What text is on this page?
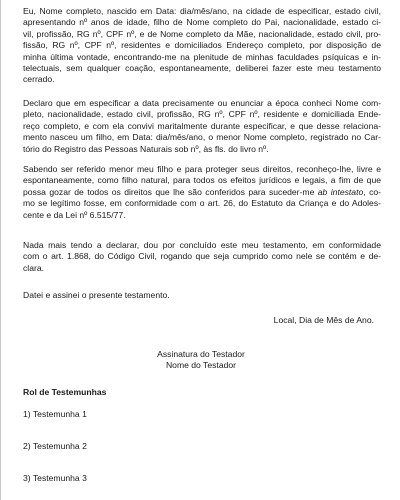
Eu, Nome completo, nascido em Data: dia/mês/ano, na cidade de especificar, estado civil,
apresentando nº anos de idade, filho de Nome completo do Pai, nacionalidade, estado ci-
vil, profissão, RG nº, CPF nº, e de Nome completo da Mãe, nacionalidade, estado civil, pro-
fissão, RG nº, CPF nº, residentes e domiciliados Endereço completo, por disposição de
minha última vontade, encontrando-me na plenitude de minhas faculdades psíquicas e in-
telectuais, sem qualquer coação, espontaneamente, deliberei fazer este meu testamento
cerrado.

Declaro que em especificar a data precisamente ou enunciar a época conheci Nome com-
pleto, nacionalidade, estado civil, profissão, RG nº, CPF nº, residente e domiciliada Ende-
reço completo, e com ela convivi maritalmente durante especificar, e que desse relaciona-
mento nasceu um filho, em Data: dia/mês/ano, o menor Nome completo, registrado no Car-
tório do Registro das Pessoas Naturais sob nº, às fls. do livro nº.

Sabendo ser referido menor meu filho e para proteger seus direitos, reconheço-lhe, livre e
espontaneamente, como filho natural, para todos os efeitos jurídicos e legais, a fim de que
possa gozar de todos os direitos que lhe são conferidos para suceder-me ab intestato, co-
mo se legítimo fosse, em conformidade com o art. 26, do Estatuto da Criança e do Adoles-
cente e da Lei nº 6.515/77.

Nada mais tendo a declarar, dou por concluído este meu testamento, em conformidade
com o art. 1.868, do Código Civil, rogando que seja cumprido como nele se contém e de-
clara.

Datei e assinei o presente testamento.

Local, Dia de Mês de Ano.

Assinatura do Testador

Nome do Testador

Rol de Testemunhas

1) Testemunha 1

2) Testemunha 2

3) Testemunha 3
